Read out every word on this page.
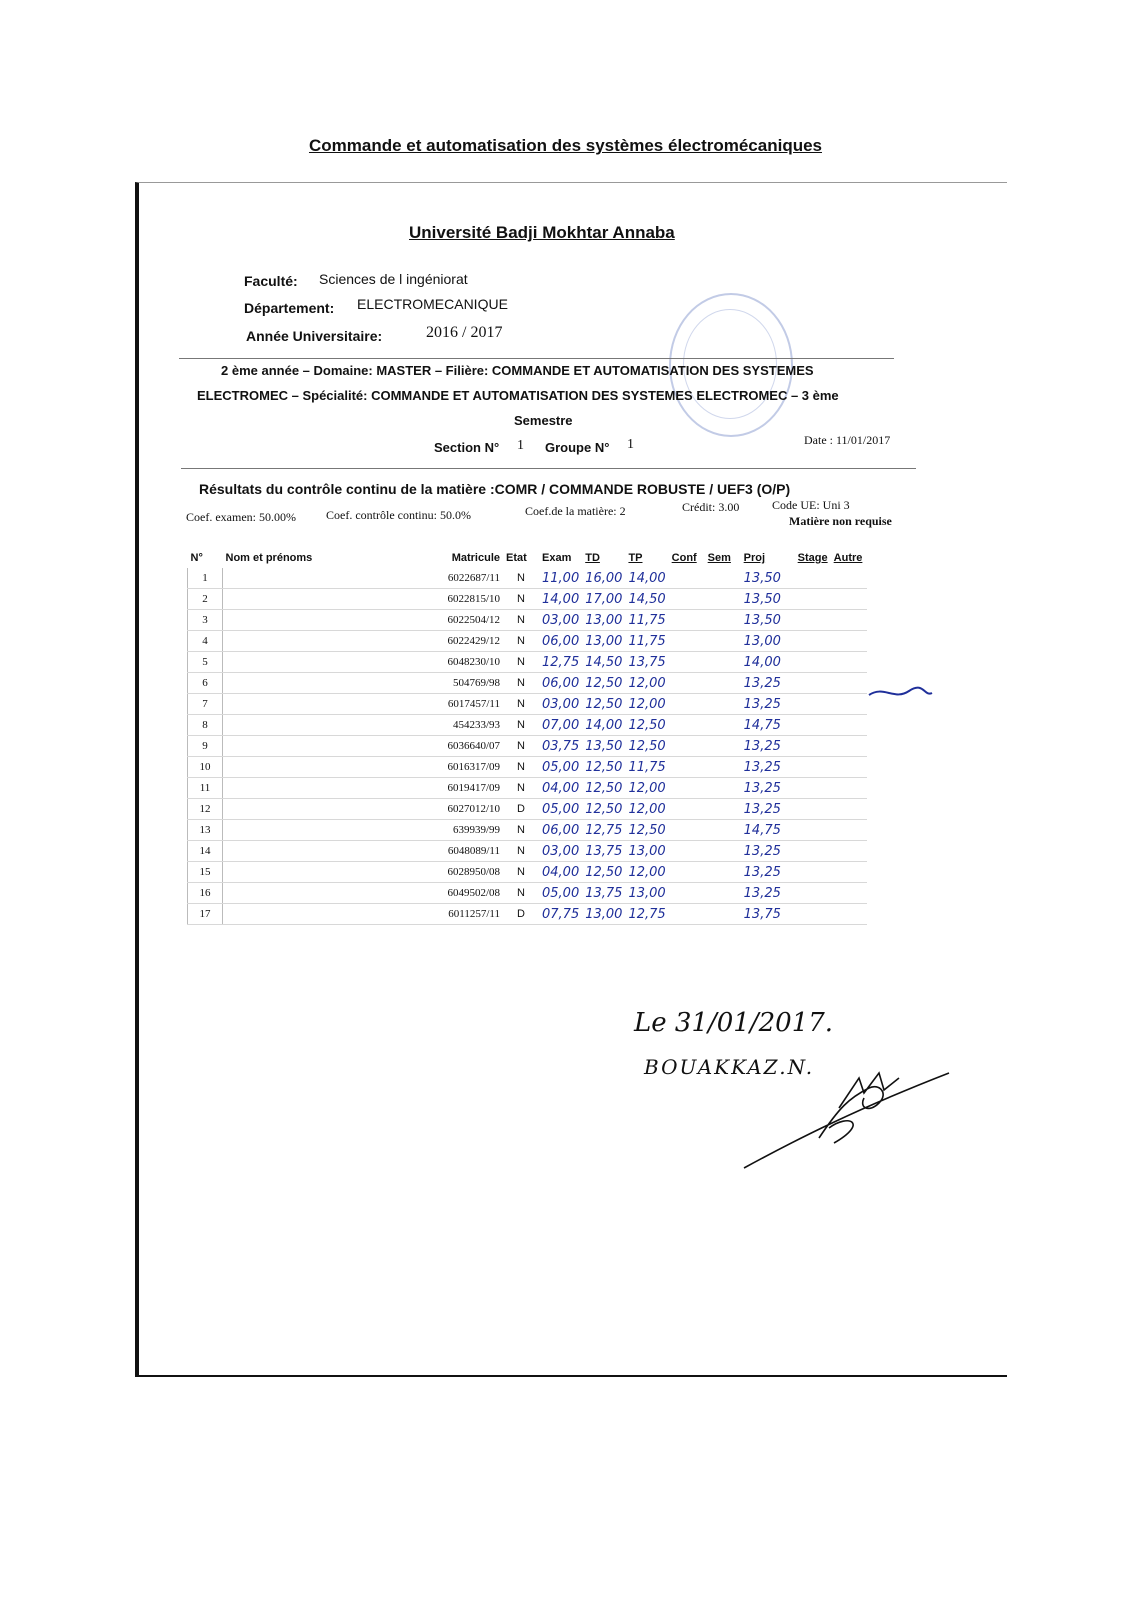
Commande et automatisation des systèmes électromécaniques
Université Badji Mokhtar Annaba
Faculté: Sciences de l ingéniorat
Département: ELECTROMECANIQUE
Année Universitaire:	2016 / 2017
2 ème année – Domaine: MASTER – Filière: COMMANDE ET AUTOMATISATION DES SYSTEMES
ELECTROMEC – Spécialité: COMMANDE ET AUTOMATISATION DES SYSTEMES ELECTROMEC – 3 ème
Semestre
Section N° 1 Groupe N° 1	Date : 11/01/2017
Résultats du contrôle continu de la matière :COMR / COMMANDE ROBUSTE / UEF3 (O/P)
Coef. examen: 50.00%	Coef. contrôle continu: 50.0%	Coef.de la matière: 2	Crédit: 3.00	Code UE: Uni 3
Matière non requise
N°	Nom et prénoms	Matricule	Etat	Exam	TD	TP	Conf	Sem	Proj	Stage	Autre
1		6022687/11	N	11,00	16,00	14,00			13,50		
2		6022815/10	N	14,00	17,00	14,50			13,50		
3		6022504/12	N	03,00	13,00	11,75			13,50		
4		6022429/12	N	06,00	13,00	11,75			13,00		
5		6048230/10	N	12,75	14,50	13,75			14,00		
6		504769/98	N	06,00	12,50	12,00			13,25		
7		6017457/11	N	03,00	12,50	12,00			13,25		
8		454233/93	N	07,00	14,00	12,50			14,75		
9		6036640/07	N	03,75	13,50	12,50			13,25		
10		6016317/09	N	05,00	12,50	11,75			13,25		
11		6019417/09	N	04,00	12,50	12,00			13,25		
12		6027012/10	D	05,00	12,50	12,00			13,25		
13		639939/99	N	06,00	12,75	12,50			14,75		
14		6048089/11	N	03,00	13,75	13,00			13,25		
15		6028950/08	N	04,00	12,50	12,00			13,25		
16		6049502/08	N	05,00	13,75	13,00			13,25		
17		6011257/11	D	07,75	13,00	12,75			13,75		
Le 31/01/2017.
BOUAKKAZ.N.
